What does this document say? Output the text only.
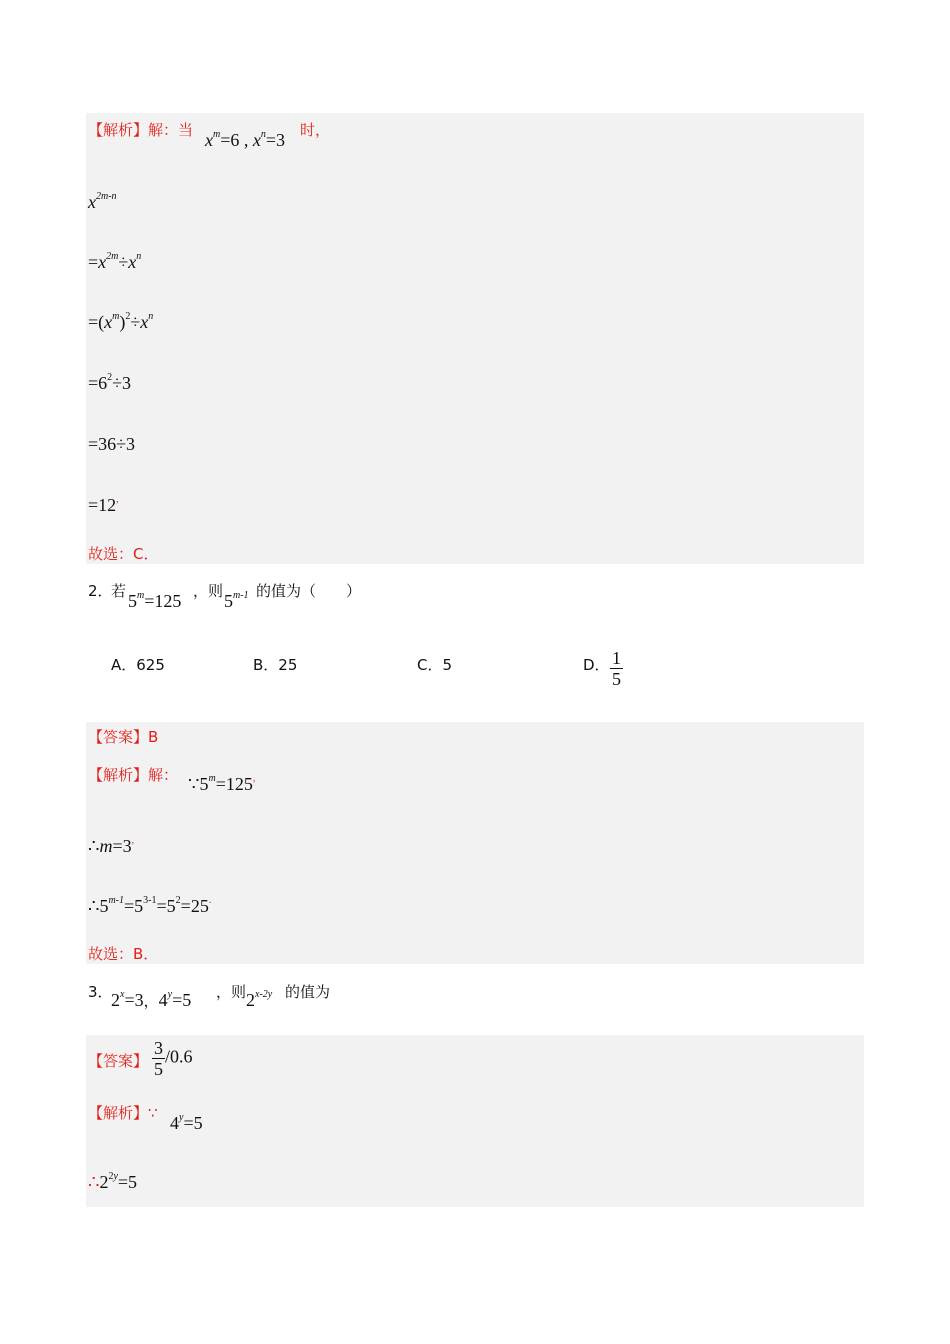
【解析】解：当 $x^m=6$ , $x^n=3$ 时，
$x^{2m-n}$
$=x^{2m}\div x^n$
$=(x^m)^2\div x^n$
$=6^2\div 3$
=36÷3
=12,
故选：C．
2．
若 $5^m=125$ ，则 5$^{m-1}$ 的值为（　　）
A．625	B．25	C．5	D． $\frac{1}{5}$
【答案】B
【解析】解： $\because 5^m=125^,$
∴m=3,
$\therefore 5^{m-1}=5^{3-1}=5^2=25^.$
故选：B．
3．
$2^x=3$，$4^y=5$ ，则 $2^{x-2y}$ 的值为
【答案】 $\frac{3}{5} /0.6$
【解析】∵ $4^y=5$
$\therefore 2^{2y}=5$
